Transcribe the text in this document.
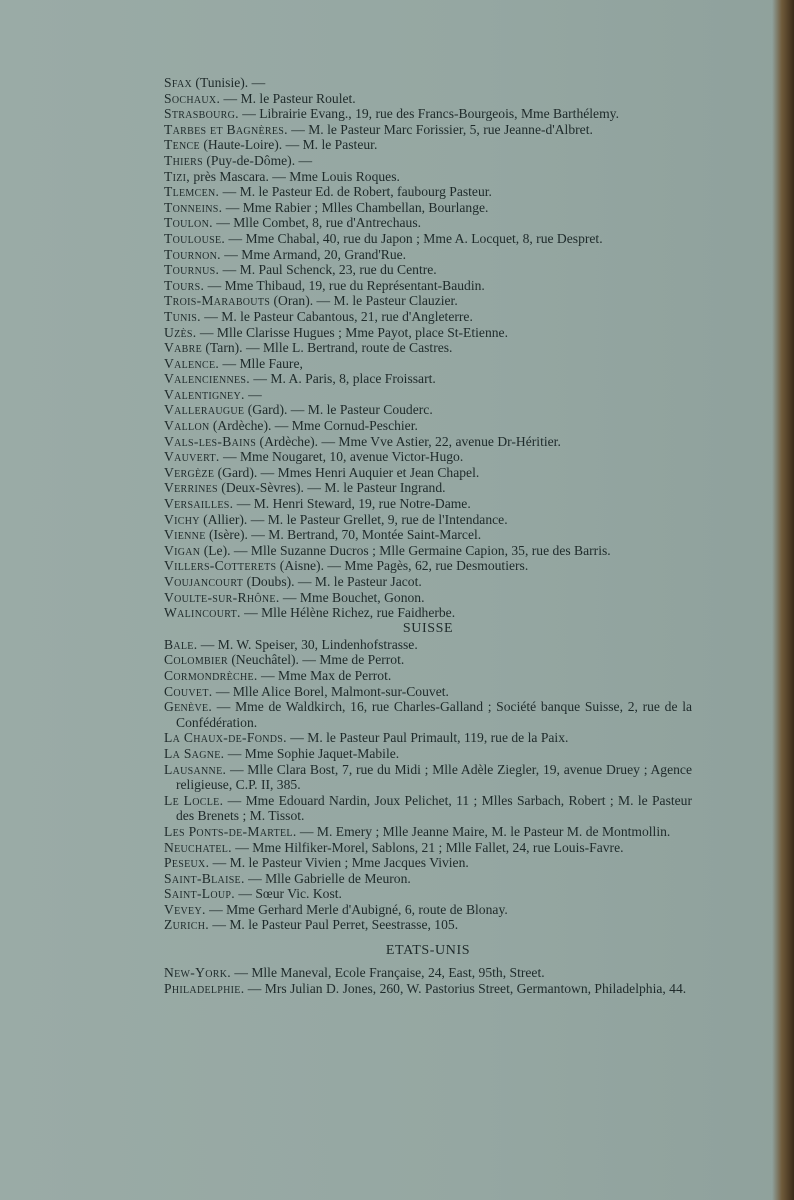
Sfax (Tunisie). —
Sochaux. — M. le Pasteur Roulet.
Strasbourg. — Librairie Evang., 19, rue des Francs-Bourgeois, Mme Barthélemy.
Tarbes et Bagnères. — M. le Pasteur Marc Forissier, 5, rue Jeanne-d'Albret.
Tence (Haute-Loire). — M. le Pasteur.
Thiers (Puy-de-Dôme). —
Tizi, près Mascara. — Mme Louis Roques.
Tlemcen. — M. le Pasteur Ed. de Robert, faubourg Pasteur.
Tonneins. — Mme Rabier ; Mlles Chambellan, Bourlange.
Toulon. — Mlle Combet, 8, rue d'Antrechaus.
Toulouse. — Mme Chabal, 40, rue du Japon ; Mme A. Locquet, 8, rue Despret.
Tournon. — Mme Armand, 20, Grand'Rue.
Tournus. — M. Paul Schenck, 23, rue du Centre.
Tours. — Mme Thibaud, 19, rue du Représentant-Baudin.
Trois-Marabouts (Oran). — M. le Pasteur Clauzier.
Tunis. — M. le Pasteur Cabantous, 21, rue d'Angleterre.
Uzès. — Mlle Clarisse Hugues ; Mme Payot, place St-Etienne.
Vabre (Tarn). — Mlle L. Bertrand, route de Castres.
Valence. — Mlle Faure,
Valenciennes. — M. A. Paris, 8, place Froissart.
Valentigney. —
Valleraugue (Gard). — M. le Pasteur Couderc.
Vallon (Ardèche). — Mme Cornud-Peschier.
Vals-les-Bains (Ardèche). — Mme Vve Astier, 22, avenue Dr-Héritier.
Vauvert. — Mme Nougaret, 10, avenue Victor-Hugo.
Vergèze (Gard). — Mmes Henri Auquier et Jean Chapel.
Verrines (Deux-Sèvres). — M. le Pasteur Ingrand.
Versailles. — M. Henri Steward, 19, rue Notre-Dame.
Vichy (Allier). — M. le Pasteur Grellet, 9, rue de l'Intendance.
Vienne (Isère). — M. Bertrand, 70, Montée Saint-Marcel.
Vigan (Le). — Mlle Suzanne Ducros ; Mlle Germaine Capion, 35, rue des Barris.
Villers-Cotterets (Aisne). — Mme Pagès, 62, rue Desmoutiers.
Voujancourt (Doubs). — M. le Pasteur Jacot.
Voulte-sur-Rhône. — Mme Bouchet, Gonon.
Walincourt. — Mlle Hélène Richez, rue Faidherbe.
SUISSE
Bale. — M. W. Speiser, 30, Lindenhofstrasse.
Colombier (Neuchâtel). — Mme de Perrot.
Cormondrèche. — Mme Max de Perrot.
Couvet. — Mlle Alice Borel, Malmont-sur-Couvet.
Genève. — Mme de Waldkirch, 16, rue Charles-Galland ; Société banque Suisse, 2, rue de la Confédération.
La Chaux-de-Fonds. — M. le Pasteur Paul Primault, 119, rue de la Paix.
La Sagne. — Mme Sophie Jaquet-Mabile.
Lausanne. — Mlle Clara Bost, 7, rue du Midi ; Mlle Adèle Ziegler, 19, avenue Druey ; Agence religieuse, C.P. II, 385.
Le Locle. — Mme Edouard Nardin, Joux Pelichet, 11 ; Mlles Sarbach, Robert ; M. le Pasteur des Brenets ; M. Tissot.
Les Ponts-de-Martel. — M. Emery ; Mlle Jeanne Maire, M. le Pasteur M. de Montmollin.
Neuchatel. — Mme Hilfiker-Morel, Sablons, 21 ; Mlle Fallet, 24, rue Louis-Favre.
Peseux. — M. le Pasteur Vivien ; Mme Jacques Vivien.
Saint-Blaise. — Mlle Gabrielle de Meuron.
Saint-Loup. — Sœur Vic. Kost.
Vevey. — Mme Gerhard Merle d'Aubigné, 6, route de Blonay.
Zurich. — M. le Pasteur Paul Perret, Seestrasse, 105.
ETATS-UNIS
New-York. — Mlle Maneval, Ecole Française, 24, East, 95th, Street.
Philadelphie. — Mrs Julian D. Jones, 260, W. Pastorius Street, Germantown, Philadelphia, 44.
